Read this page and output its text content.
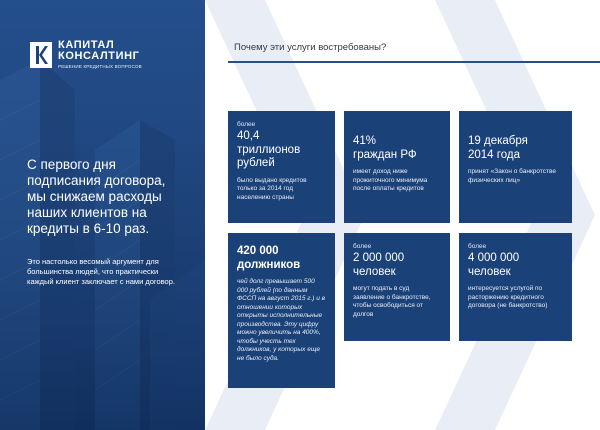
КАПИТАЛ
КОНСАЛТИНГ
РЕШЕНИЕ КРЕДИТНЫХ ВОПРОСОВ
С первого дня подписания договора, мы снижаем расходы наших клиентов на кредиты в 6-10 раз.
Это настолько весомый аргумент для большинства людей, что практически каждый клиент заключает с нами договор.
Почему эти услуги востребованы?
более
40,4
триллионов
рублей
было выдано кредитов только за 2014 год населению страны
41%
граждан РФ
имеет доход ниже прожиточного минимума после оплаты кредитов
19 декабря
2014 года
принят «Закон о банкротстве физических лиц»
420 000
должников
чей долг превышает 500 000 рублей (по данным ФССП на август 2015 г.) и в отношении которых открыты исполнительные производства. Эту цифру можно увеличить на 400%, чтобы учесть тех должников, у которых еще не было суда.
более
2 000 000
человек
могут подать в суд заявление о банкротстве, чтобы освободиться от долгов
более
4 000 000
человек
интересуется услугой по расторжению кредитного договора (не банкротство)
